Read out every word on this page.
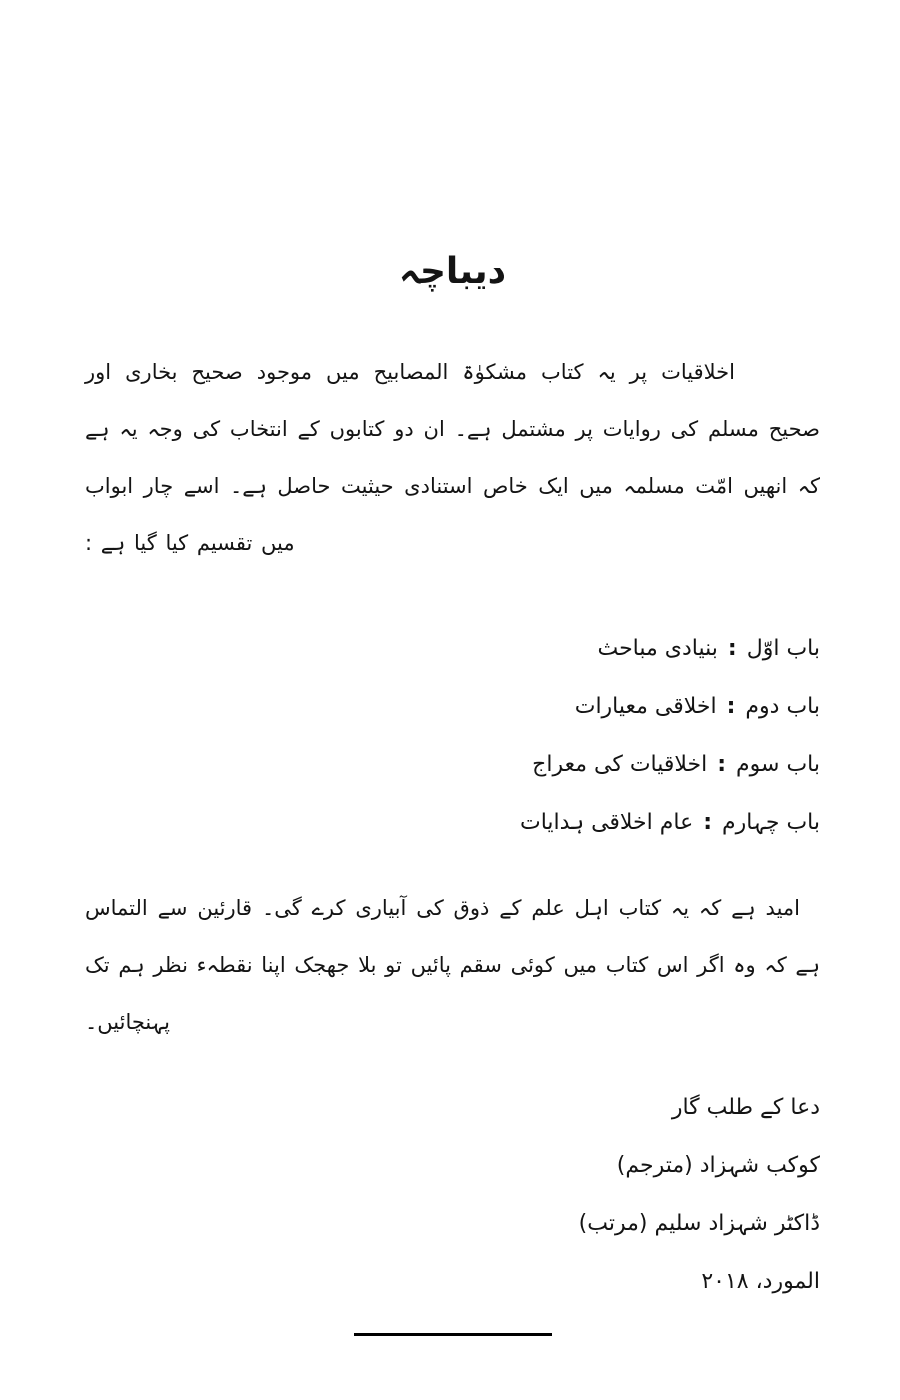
دیباچہ

اخلاقیات پر یہ کتاب مشکوٰۃ المصابیح میں موجود صحیح بخاری اور صحیح مسلم کی روایات پر مشتمل ہے۔ ان دو کتابوں کے انتخاب کی وجہ یہ ہے کہ انھیں امّت مسلمہ میں ایک خاص استنادی حیثیت حاصل ہے۔ اسے چار ابواب میں تقسیم کیا گیا ہے :

باب اوّل:بنیادی مباحث
باب دوم:اخلاقی معیارات
باب سوم:اخلاقیات کی معراج
باب چہارم:عام اخلاقی ہدایات

امید ہے کہ یہ کتاب اہل علم کے ذوق کی آبیاری کرے گی۔ قارئین سے التماس ہے کہ وہ اگر اس کتاب میں کوئی سقم پائیں تو بلا جھجک اپنا نقطہء نظر ہم تک پہنچائیں۔

دعا کے طلب گار
کوکب شہزاد (مترجم)
ڈاکٹر شہزاد سلیم (مرتب)
المورد، ۲۰۱۸
